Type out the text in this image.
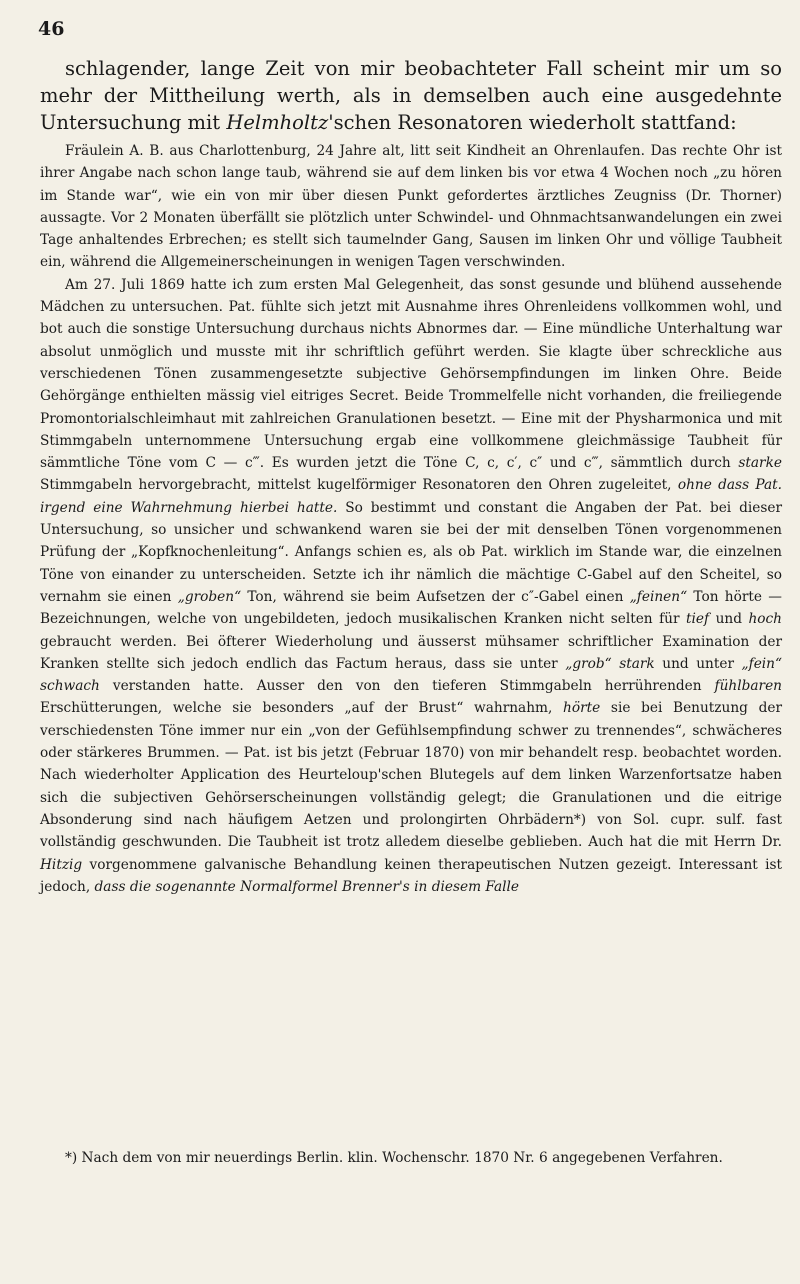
46

schlagender, lange Zeit von mir beobachteter Fall scheint mir um so mehr der Mittheilung werth, als in demselben auch eine ausgedehnte Untersuchung mit Helmholtz'schen Resonatoren wiederholt stattfand:

Fräulein A. B. aus Charlottenburg, 24 Jahre alt, litt seit Kindheit an Ohrenlaufen. Das rechte Ohr ist ihrer Angabe nach schon lange taub, während sie auf dem linken bis vor etwa 4 Wochen noch „zu hören im Stande war“, wie ein von mir über diesen Punkt gefordertes ärztliches Zeugniss (Dr. Thorner) aussagte. Vor 2 Monaten überfällt sie plötzlich unter Schwindel- und Ohnmachtsanwandelungen ein zwei Tage anhaltendes Erbrechen; es stellt sich taumelnder Gang, Sausen im linken Ohr und völlige Taubheit ein, während die Allgemeinerscheinungen in wenigen Tagen verschwinden.

Am 27. Juli 1869 hatte ich zum ersten Mal Gelegenheit, das sonst gesunde und blühend aussehende Mädchen zu untersuchen. Pat. fühlte sich jetzt mit Ausnahme ihres Ohrenleidens vollkommen wohl, und bot auch die sonstige Untersuchung durchaus nichts Abnormes dar. — Eine mündliche Unterhaltung war absolut unmöglich und musste mit ihr schriftlich geführt werden. Sie klagte über schreckliche aus verschiedenen Tönen zusammengesetzte subjective Gehörsempfindungen im linken Ohre. Beide Gehörgänge enthielten mässig viel eitriges Secret. Beide Trommelfelle nicht vorhanden, die freiliegende Promontorialschleimhaut mit zahlreichen Granulationen besetzt. — Eine mit der Physharmonica und mit Stimmgabeln unternommene Untersuchung ergab eine vollkommene gleichmässige Taubheit für sämmtliche Töne vom C — c‴. Es wurden jetzt die Töne C, c, c′, c″ und c‴, sämmtlich durch starke Stimmgabeln hervorgebracht, mittelst kugelförmiger Resonatoren den Ohren zugeleitet, ohne dass Pat. irgend eine Wahrnehmung hierbei hatte. So bestimmt und constant die Angaben der Pat. bei dieser Untersuchung, so unsicher und schwankend waren sie bei der mit denselben Tönen vorgenommenen Prüfung der „Kopfknochenleitung“. Anfangs schien es, als ob Pat. wirklich im Stande war, die einzelnen Töne von einander zu unterscheiden. Setzte ich ihr nämlich die mächtige C-Gabel auf den Scheitel, so vernahm sie einen „groben“ Ton, während sie beim Aufsetzen der c″-Gabel einen „feinen“ Ton hörte — Bezeichnungen, welche von ungebildeten, jedoch musikalischen Kranken nicht selten für tief und hoch gebraucht werden. Bei öfterer Wiederholung und äusserst mühsamer schriftlicher Examination der Kranken stellte sich jedoch endlich das Factum heraus, dass sie unter „grob“ stark und unter „fein“ schwach verstanden hatte. Ausser den von den tieferen Stimmgabeln herrührenden fühlbaren Erschütterungen, welche sie besonders „auf der Brust“ wahrnahm, hörte sie bei Benutzung der verschiedensten Töne immer nur ein „von der Gefühlsempfindung schwer zu trennendes“, schwächeres oder stärkeres Brummen. — Pat. ist bis jetzt (Februar 1870) von mir behandelt resp. beobachtet worden. Nach wiederholter Application des Heurteloup'schen Blutegels auf dem linken Warzenfortsatze haben sich die subjectiven Gehörserscheinungen vollständig gelegt; die Granulationen und die eitrige Absonderung sind nach häufigem Aetzen und prolongirten Ohrbädern*) von Sol. cupr. sulf. fast vollständig geschwunden. Die Taubheit ist trotz alledem dieselbe geblieben. Auch hat die mit Herrn Dr. Hitzig vorgenommene galvanische Behandlung keinen therapeutischen Nutzen gezeigt. Interessant ist jedoch, dass die sogenannte Normalformel Brenner's in diesem Falle

*) Nach dem von mir neuerdings Berlin. klin. Wochenschr. 1870 Nr. 6 angegebenen Verfahren.
